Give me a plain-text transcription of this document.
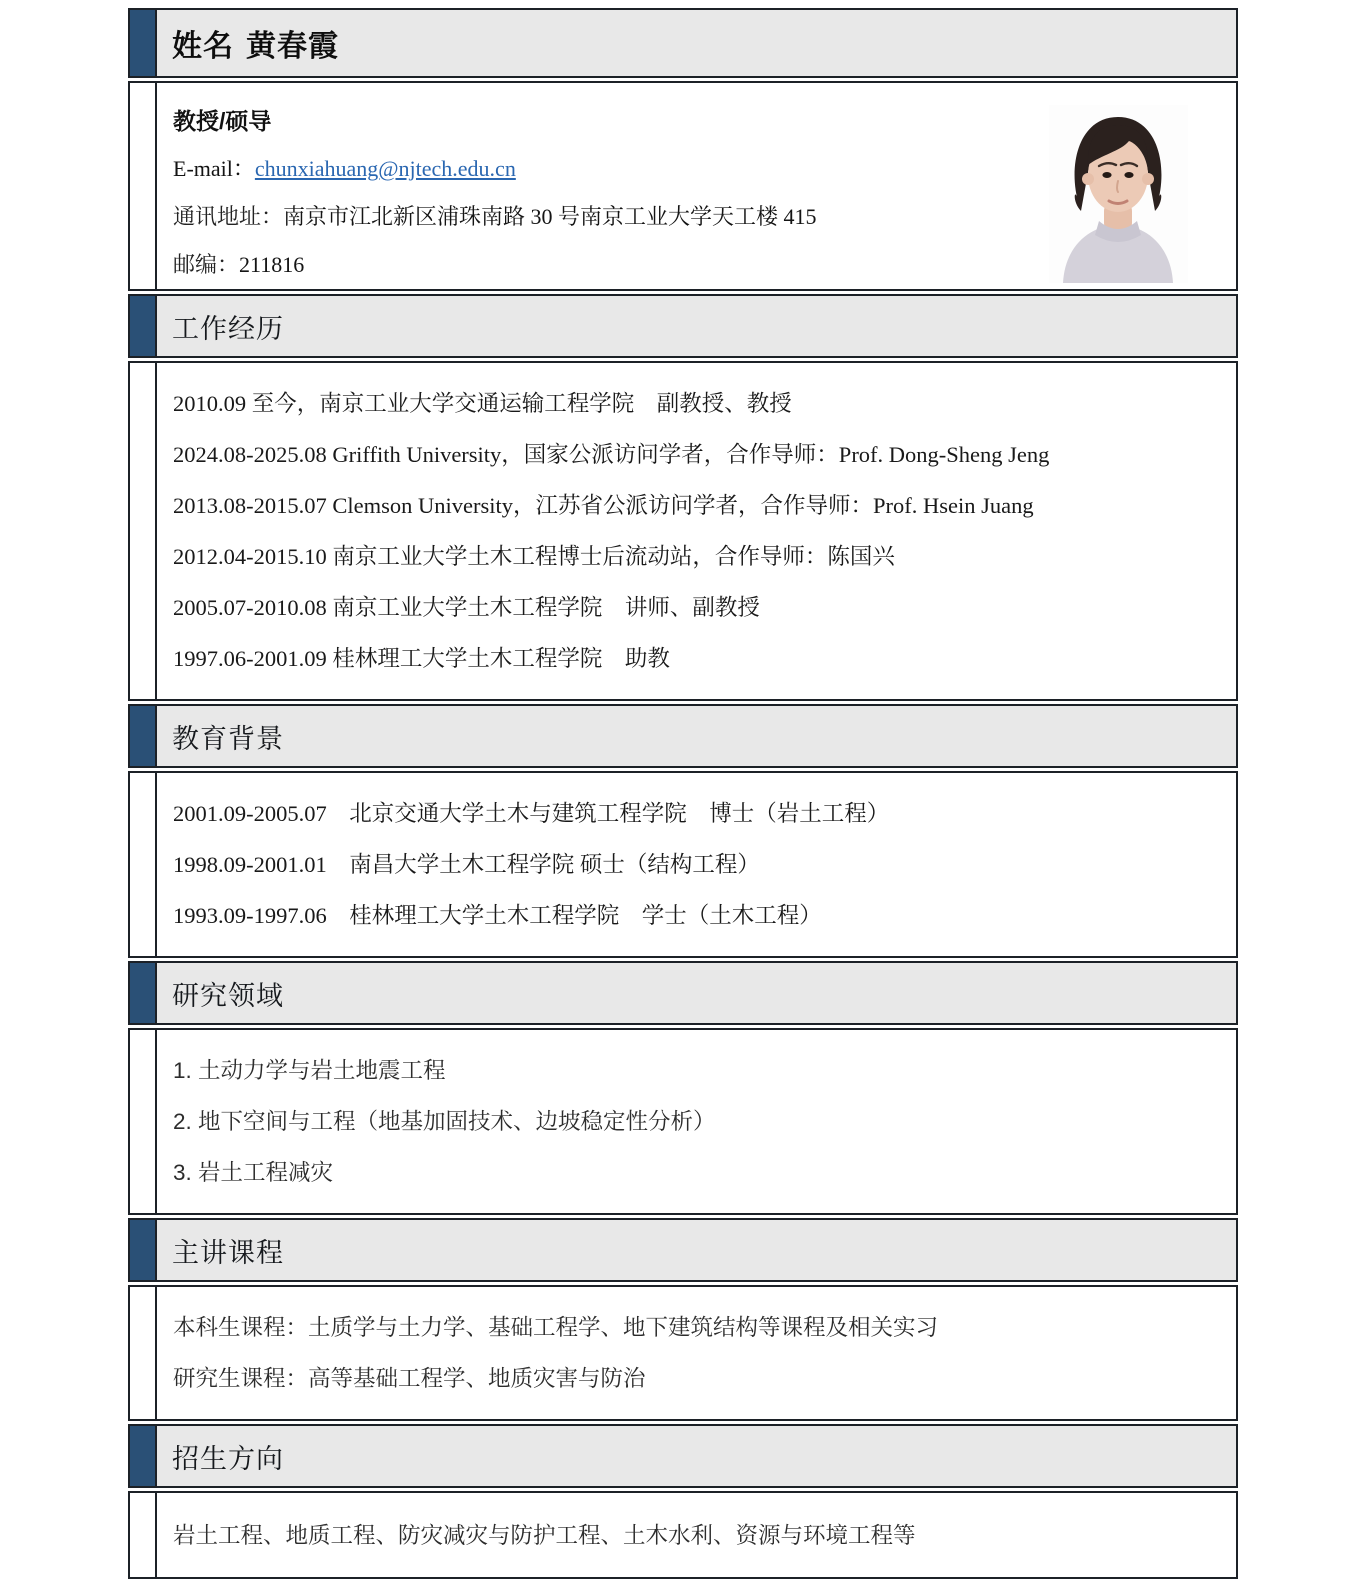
姓名 黄春霞
教授/硕导
E-mail：chunxiahuang@njtech.edu.cn
通讯地址：南京市江北新区浦珠南路 30 号南京工业大学天工楼 415
邮编：211816
工作经历
2010.09 至今，南京工业大学交通运输工程学院　副教授、教授
2024.08-2025.08 Griffith University，国家公派访问学者，合作导师：Prof. Dong-Sheng Jeng
2013.08-2015.07 Clemson University，江苏省公派访问学者，合作导师：Prof. Hsein Juang
2012.04-2015.10 南京工业大学土木工程博士后流动站，合作导师：陈国兴
2005.07-2010.08 南京工业大学土木工程学院　讲师、副教授
1997.06-2001.09 桂林理工大学土木工程学院　助教
教育背景
2001.09-2005.07　北京交通大学土木与建筑工程学院　博士（岩土工程）
1998.09-2001.01　南昌大学土木工程学院 硕士（结构工程）
1993.09-1997.06　桂林理工大学土木工程学院　学士（土木工程）
研究领域
1. 土动力学与岩土地震工程
2. 地下空间与工程（地基加固技术、边坡稳定性分析）
3. 岩土工程减灾
主讲课程
本科生课程：土质学与土力学、基础工程学、地下建筑结构等课程及相关实习
研究生课程：高等基础工程学、地质灾害与防治
招生方向
岩土工程、地质工程、防灾减灾与防护工程、土木水利、资源与环境工程等
